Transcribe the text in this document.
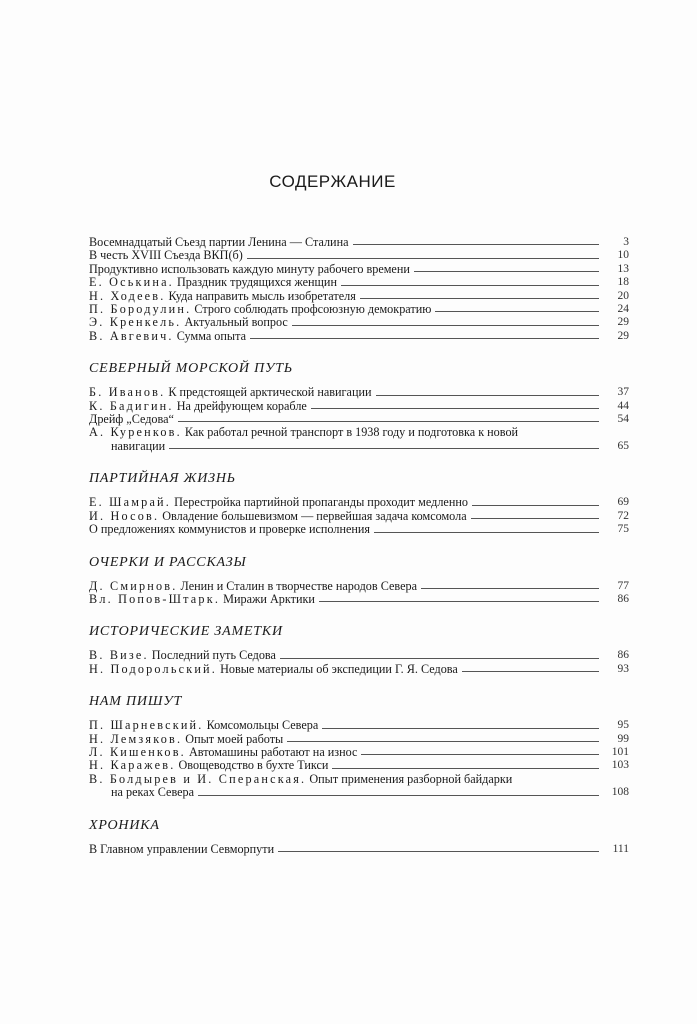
СОДЕРЖАНИЕ
Восемнадцатый Съезд партии Ленина — Сталина	3
В честь XVIII Съезда ВКП(б)	10
Продуктивно использовать каждую минуту рабочего времени	13
Е. Оськина. Праздник трудящихся женщин	18
Н. Ходеев. Куда направить мысль изобретателя	20
П. Бородулин. Строго соблюдать профсоюзную демократию	24
Э. Кренкель. Актуальный вопрос	29
В. Авгевич. Сумма опыта	29
СЕВЕРНЫЙ МОРСКОЙ ПУТЬ
Б. Иванов. К предстоящей арктической навигации	37
К. Бадигин. На дрейфующем корабле	44
Дрейф „Седова“	54
А. Куренков. Как работал речной транспорт в 1938 году и подготовка к новой
навигации	65
ПАРТИЙНАЯ ЖИЗНЬ
Е. Шамрай. Перестройка партийной пропаганды проходит медленно	69
И. Носов. Овладение большевизмом — первейшая задача комсомола	72
О предложениях коммунистов и проверке исполнения	75
ОЧЕРКИ И РАССКАЗЫ
Д. Смирнов. Ленин и Сталин в творчестве народов Севера	77
Вл. Попов-Штарк. Миражи Арктики	86
ИСТОРИЧЕСКИЕ ЗАМЕТКИ
В. Визе. Последний путь Седова	86
Н. Подорольский. Новые материалы об экспедиции Г. Я. Седова	93
НАМ ПИШУТ
П. Шарневский. Комсомольцы Севера	95
Н. Лемзяков. Опыт моей работы	99
Л. Кишенков. Автомашины работают на износ	101
Н. Каражев. Овощеводство в бухте Тикси	103
В. Болдырев и И. Сперанская. Опыт применения разборной байдарки
на реках Севера	108
ХРОНИКА
В Главном управлении Севморпути	111
